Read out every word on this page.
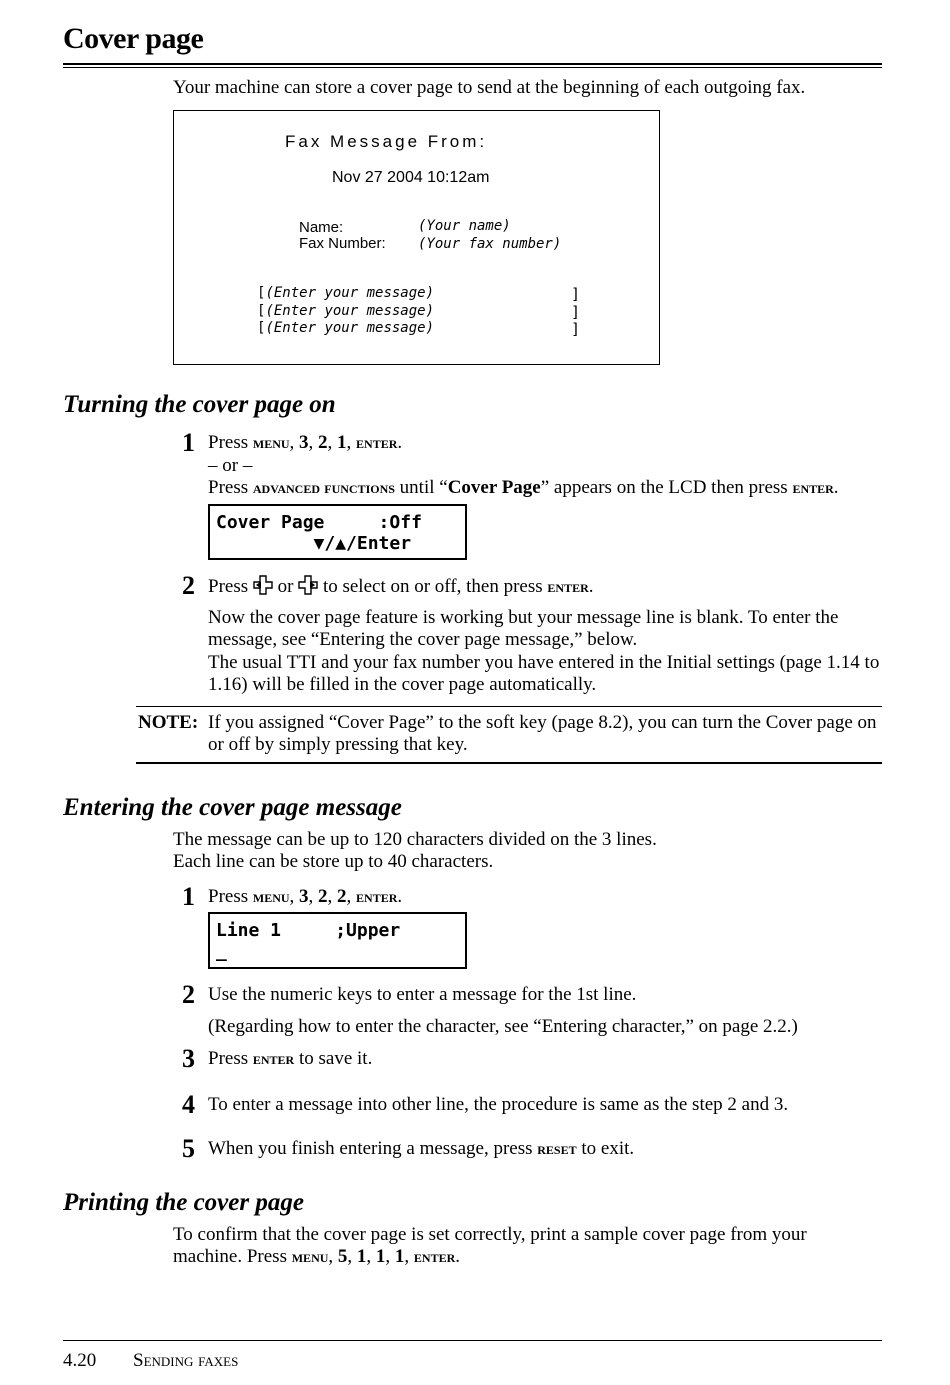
Cover page
Your machine can store a cover page to send at the beginning of each outgoing fax.
Fax Message From:
Nov 27 2004 10:12am
Name:
Fax Number:
(Your name)
(Your fax number)
[(Enter your message)
[(Enter your message)
[(Enter your message)
]
]
]
Turning the cover page on
1 Press menu, 3, 2, 1, enter.
– or –
Press advanced functions until “Cover Page” appears on the LCD then press enter.
Cover Page     :Off
▼/▲/Enter
2 Press or to select on or off, then press enter.
Now the cover page feature is working but your message line is blank. To enter the message, see “Entering the cover page message,” below.
The usual TTI and your fax number you have entered in the Initial settings (page 1.14 to 1.16) will be filled in the cover page automatically.
NOTE: If you assigned “Cover Page” to the soft key (page 8.2), you can turn the Cover page on or off by simply pressing that key.
Entering the cover page message
The message can be up to 120 characters divided on the 3 lines.
Each line can be store up to 40 characters.
1 Press menu, 3, 2, 2, enter.
Line 1     ;Upper
_
2 Use the numeric keys to enter a message for the 1st line.
(Regarding how to enter the character, see “Entering character,” on page 2.2.)
3 Press enter to save it.
4 To enter a message into other line, the procedure is same as the step 2 and 3.
5 When you finish entering a message, press reset to exit.
Printing the cover page
To confirm that the cover page is set correctly, print a sample cover page from your
machine. Press menu, 5, 1, 1, 1, enter.
4.20 Sending faxes
